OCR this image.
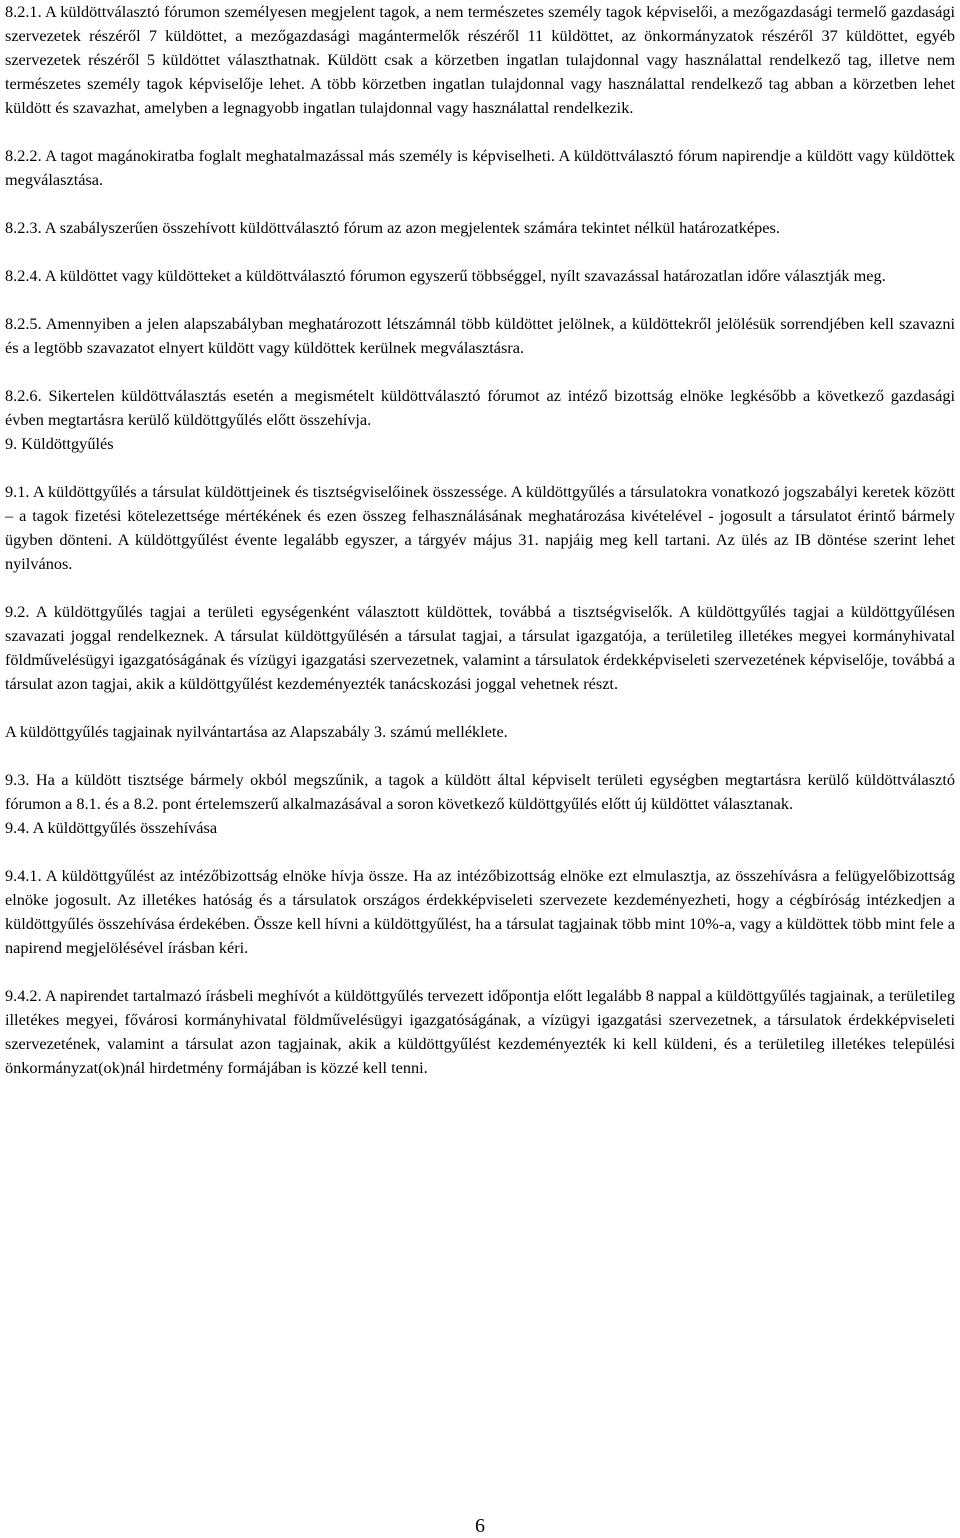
8.2.1. A küldöttválasztó fórumon személyesen megjelent tagok, a nem természetes személy tagok képviselői, a mezőgazdasági termelő gazdasági szervezetek részéről 7 küldöttet, a mezőgazdasági magántermelők részéről 11 küldöttet, az önkormányzatok részéről 37 küldöttet, egyéb szervezetek részéről 5 küldöttet választhatnak. Küldött csak a körzetben ingatlan tulajdonnal vagy használattal rendelkező tag, illetve nem természetes személy tagok képviselője lehet. A több körzetben ingatlan tulajdonnal vagy használattal rendelkező tag abban a körzetben lehet küldött és szavazhat, amelyben a legnagyobb ingatlan tulajdonnal vagy használattal rendelkezik.

8.2.2. A tagot magánokiratba foglalt meghatalmazással más személy is képviselheti. A küldöttválasztó fórum napirendje a küldött vagy küldöttek megválasztása.

8.2.3. A szabályszerűen összehívott küldöttválasztó fórum az azon megjelentek számára tekintet nélkül határozatképes.

8.2.4. A küldöttet vagy küldötteket a küldöttválasztó fórumon egyszerű többséggel, nyílt szavazással határozatlan időre választják meg.

8.2.5. Amennyiben a jelen alapszabályban meghatározott létszámnál több küldöttet jelölnek, a küldöttekről jelölésük sorrendjében kell szavazni és a legtöbb szavazatot elnyert küldött vagy küldöttek kerülnek megválasztásra.

8.2.6. Sikertelen küldöttválasztás esetén a megismételt küldöttválasztó fórumot az intéző bizottság elnöke legkésőbb a következő gazdasági évben megtartásra kerülő küldöttgyűlés előtt összehívja.

9. Küldöttgyűlés

9.1. A küldöttgyűlés a társulat küldöttjeinek és tisztségviselőinek összessége. A küldöttgyűlés a társulatokra vonatkozó jogszabályi keretek között – a tagok fizetési kötelezettsége mértékének és ezen összeg felhasználásának meghatározása kivételével - jogosult a társulatot érintő bármely ügyben dönteni. A küldöttgyűlést évente legalább egyszer, a tárgyév május 31. napjáig meg kell tartani. Az ülés az IB döntése szerint lehet nyilvános.

9.2. A küldöttgyűlés tagjai a területi egységenként választott küldöttek, továbbá a tisztségviselők. A küldöttgyűlés tagjai a küldöttgyűlésen szavazati joggal rendelkeznek. A társulat küldöttgyűlésén a társulat tagjai, a társulat igazgatója, a területileg illetékes megyei kormányhivatal földművelésügyi igazgatóságának és vízügyi igazgatási szervezetnek, valamint a társulatok érdekképviseleti szervezetének képviselője, továbbá a társulat azon tagjai, akik a küldöttgyűlést kezdeményezték tanácskozási joggal vehetnek részt.

A küldöttgyűlés tagjainak nyilvántartása az Alapszabály 3. számú melléklete.

9.3. Ha a küldött tisztsége bármely okból megszűnik, a tagok a küldött által képviselt területi egységben megtartásra kerülő küldöttválasztó fórumon a 8.1. és a 8.2. pont értelemszerű alkalmazásával a soron következő küldöttgyűlés előtt új küldöttet választanak.

9.4. A küldöttgyűlés összehívása

9.4.1. A küldöttgyűlést az intézőbizottság elnöke hívja össze. Ha az intézőbizottság elnöke ezt elmulasztja, az összehívásra a felügyelőbizottság elnöke jogosult. Az illetékes hatóság és a társulatok országos érdekképviseleti szervezete kezdeményezheti, hogy a cégbíróság intézkedjen a küldöttgyűlés összehívása érdekében. Össze kell hívni a küldöttgyűlést, ha a társulat tagjainak több mint 10%-a, vagy a küldöttek több mint fele a napirend megjelölésével írásban kéri.

9.4.2. A napirendet tartalmazó írásbeli meghívót a küldöttgyűlés tervezett időpontja előtt legalább 8 nappal a küldöttgyűlés tagjainak, a területileg illetékes megyei, fővárosi kormányhivatal földművelésügyi igazgatóságának, a vízügyi igazgatási szervezetnek, a társulatok érdekképviseleti szervezetének, valamint a társulat azon tagjainak, akik a küldöttgyűlést kezdeményezték ki kell küldeni, és a területileg illetékes települési önkormányzat(ok)nál hirdetmény formájában is közzé kell tenni.

6
